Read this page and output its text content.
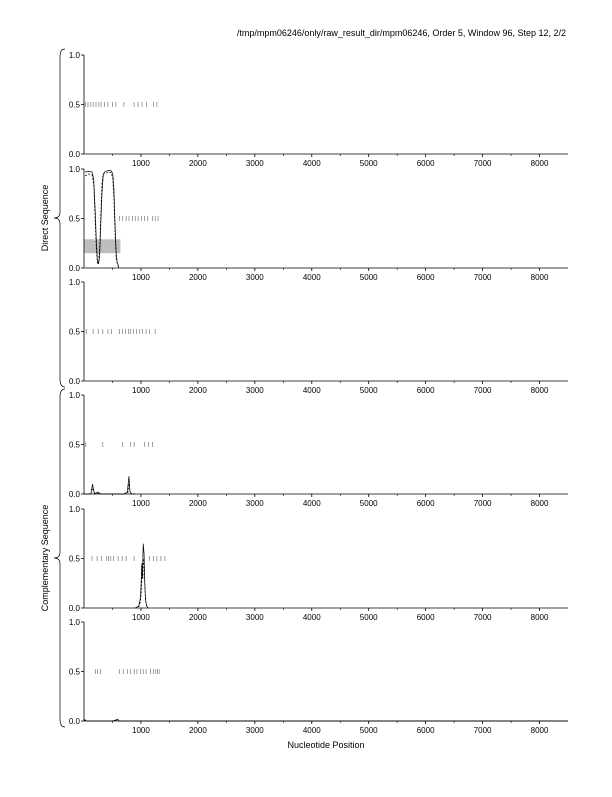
/tmp/mpm06246/only/raw_result_dir/mpm06246, Order 5, Window 96, Step 12, 2/2
0.0
0.5
1.0
1000	2000	3000	4000	5000	6000	7000	8000
0.0
0.5
1.0
1000	2000	3000	4000	5000	6000	7000	8000
0.0
0.5
1.0
1000	2000	3000	4000	5000	6000	7000	8000
0.0
0.5
1.0
1000	2000	3000	4000	5000	6000	7000	8000
0.0
0.5
1.0
1000	2000	3000	4000	5000	6000	7000	8000
0.0
0.5
1.0
1000	2000	3000	4000	5000	6000	7000	8000
Direct Sequence
Complementary Sequence
Nucleotide Position
